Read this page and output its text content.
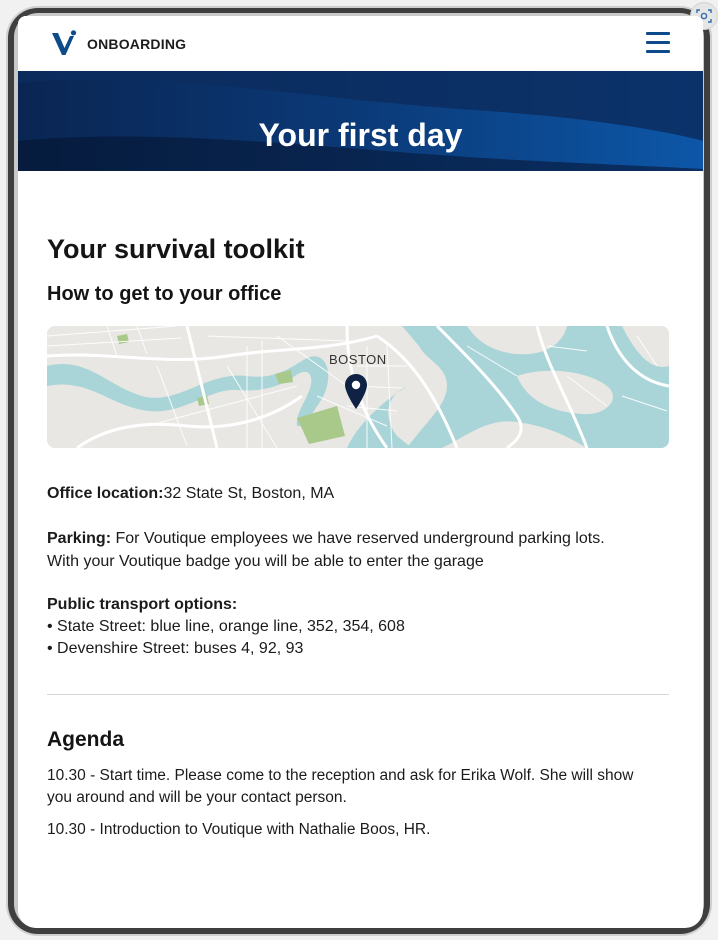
ONBOARDING
Your first day
Your survival toolkit
How to get to your office
BOSTON
Office location:32 State St, Boston, MA
Parking: For Voutique employees we have reserved underground parking lots.
With your Voutique badge you will be able to enter the garage
Public transport options:
• State Street: blue line, orange line, 352, 354, 608
• Devenshire Street: buses 4, 92, 93
Agenda
10.30 - Start time. Please come to the reception and ask for Erika Wolf. She will show
you around and will be your contact person.
10.30 - Introduction to Voutique with Nathalie Boos, HR.
